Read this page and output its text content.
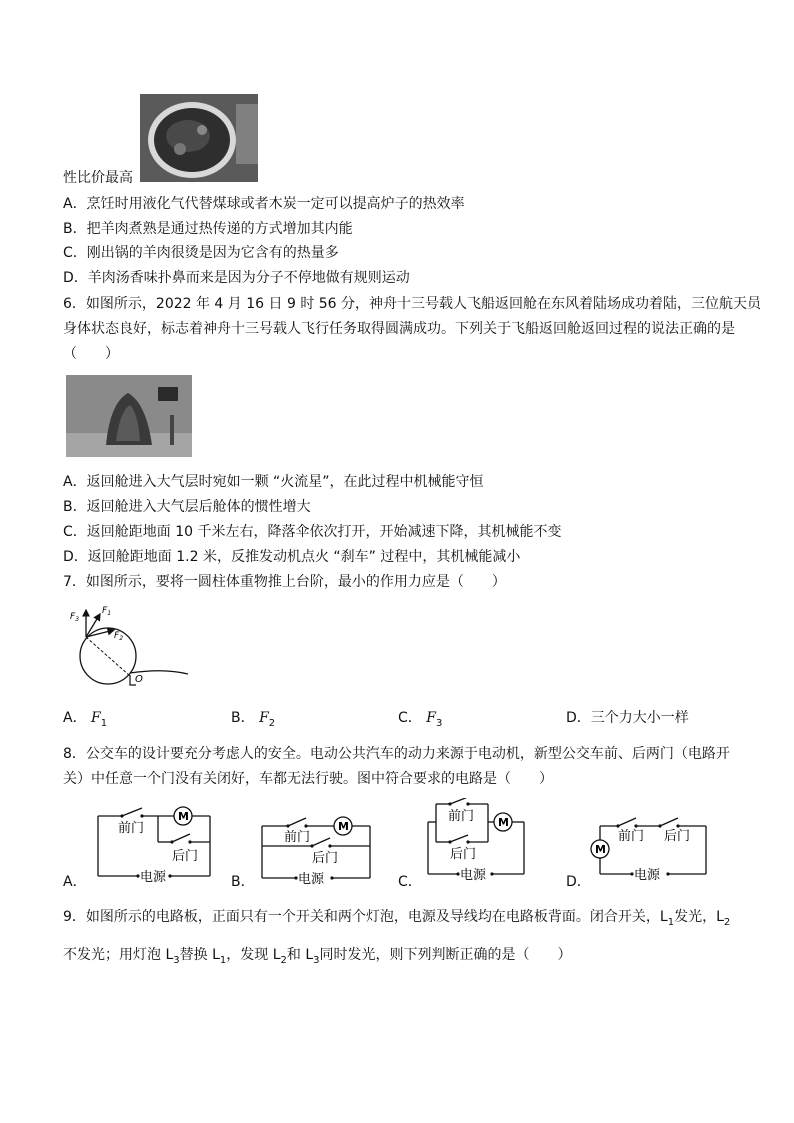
性比价最高
A．烹饪时用液化气代替煤球或者木炭一定可以提高炉子的热效率
B．把羊肉煮熟是通过热传递的方式增加其内能
C．刚出锅的羊肉很烫是因为它含有的热量多
D．羊肉汤香味扑鼻而来是因为分子不停地做有规则运动
6．如图所示，2022 年 4 月 16 日 9 时 56 分，神舟十三号载人飞船返回舱在东风着陆场成功着陆，三位航天员
身体状态良好，标志着神舟十三号载人飞行任务取得圆满成功。下列关于飞船返回舱返回过程的说法正确的是
（　　）
A．返回舱进入大气层时宛如一颗 “火流星”，在此过程中机械能守恒
B．返回舱进入大气层后舱体的惯性增大
C．返回舱距地面 10 千米左右，降落伞依次打开，开始减速下降，其机械能不变
D．返回舱距地面 1.2 米，反推发动机点火 “刹车” 过程中，其机械能减小
7．如图所示，要将一圆柱体重物推上台阶，最小的作用力应是（　　）
$F_3$
$F_1$
$F_2$
O
A． $F_1$	B． $F_2$	C． $F_3$	D．三个力大小一样
8．公交车的设计要充分考虑人的安全。电动公共汽车的动力来源于电动机，新型公交车前、后两门（电路开
关）中任意一个门没有关闭好，车都无法行驶。图中符合要求的电路是（　　）
M
前门
后门
电源
A．
M
前门
后门
电源
B．
M
前门
后门
电源
C．
M
前门 后门
电源
D．
9．如图所示的电路板，正面只有一个开关和两个灯泡，电源及导线均在电路板背面。闭合开关，$L_1$发光，$L_2$
不发光；用灯泡 $L_3$替换 $L_1$，发现 $L_2$和 $L_3$同时发光，则下列判断正确的是（　　）
